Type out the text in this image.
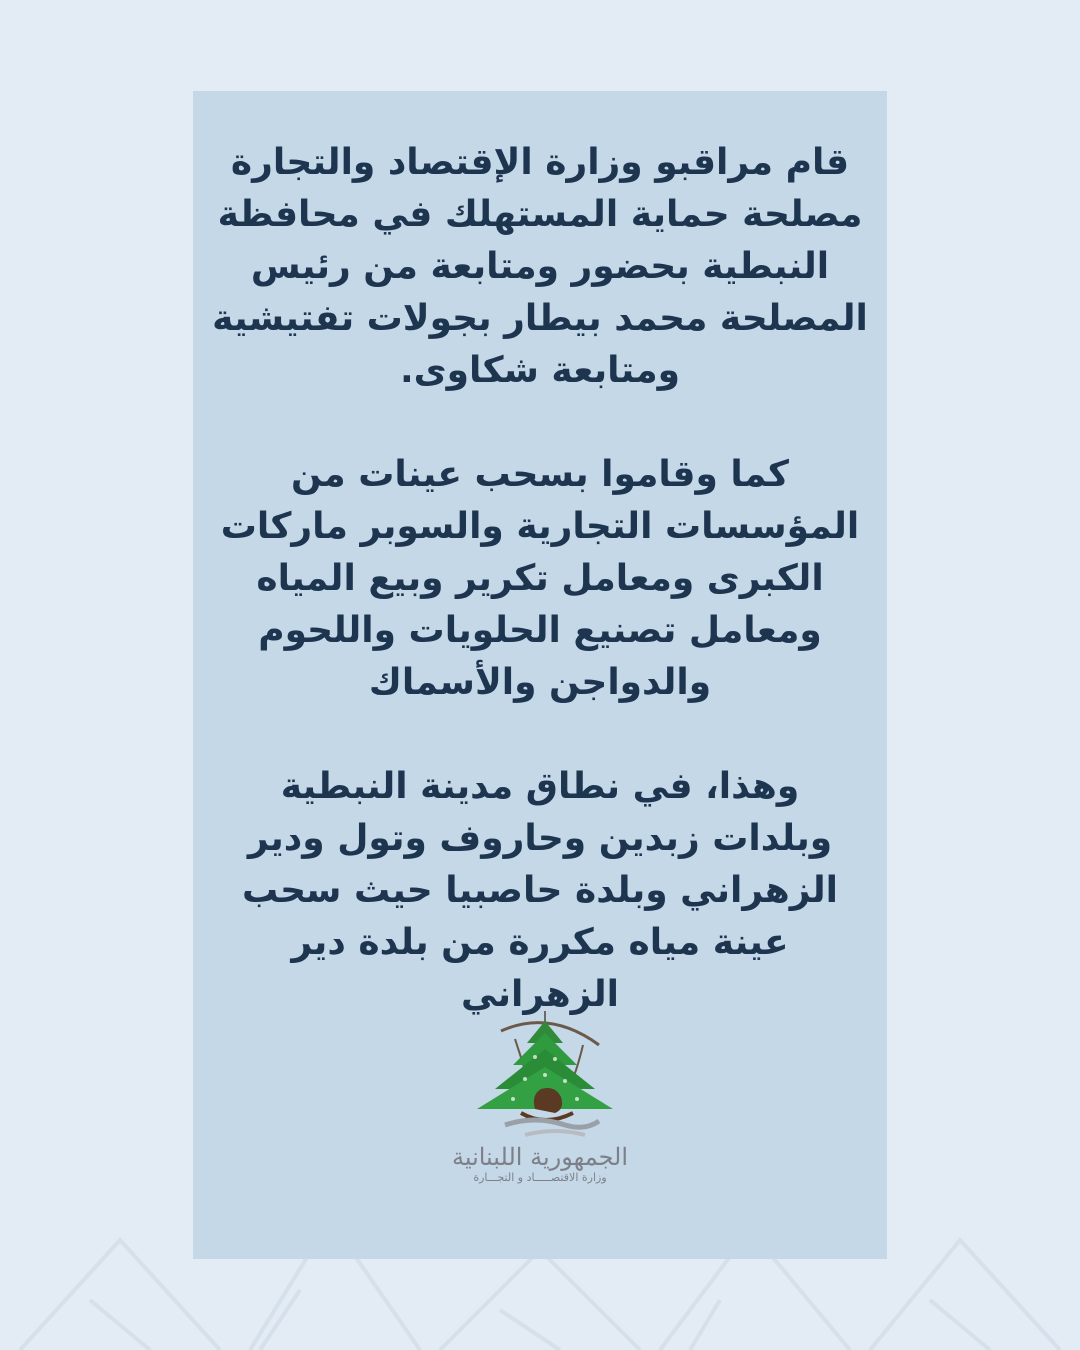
قام مراقبو وزارة الإقتصاد والتجارة
مصلحة حماية المستهلك في محافظة
النبطية بحضور ومتابعة من رئيس
المصلحة محمد بيطار بجولات تفتيشية
ومتابعة شكاوى.
كما وقاموا بسحب عينات من
المؤسسات التجارية والسوبر ماركات
الكبرى ومعامل تكرير وبيع المياه
ومعامل تصنيع الحلويات واللحوم
والدواجن والأسماك
وهذا، في نطاق مدينة النبطية
وبلدات زبدين وحاروف وتول ودير
الزهراني وبلدة حاصبيا حيث سحب
عينة مياه مكررة من بلدة دير
الزهراني
الجمهورية اللبنانية
وزارة الاقتصـــــاد و التجـــارة
